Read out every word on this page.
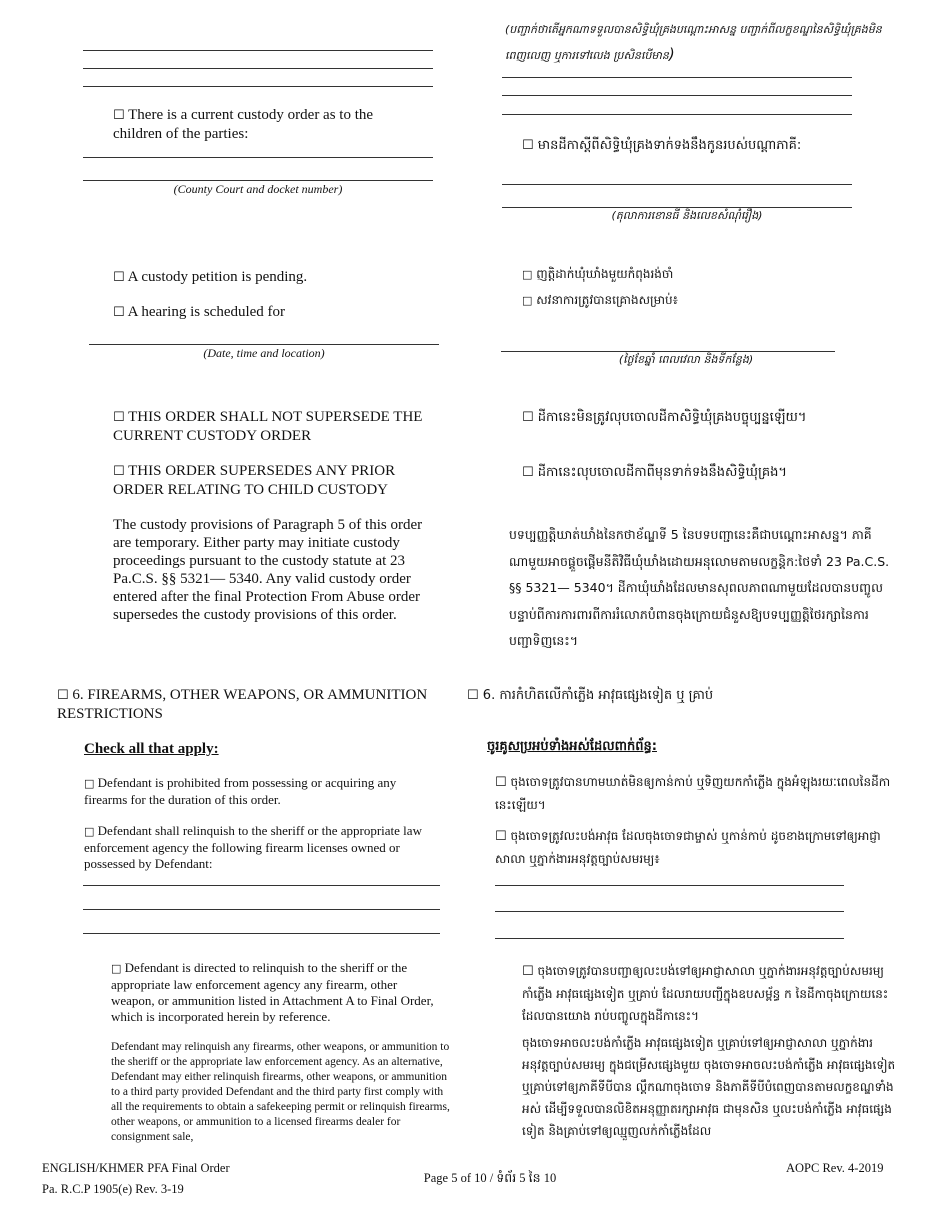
(បញ្ជាក់ថាតើអ្នកណាទទួលបានសិទ្ធិឃុំគ្រងបណ្ដោះអាសន្ន បញ្ជាក់ពីលក្ខខណ្ឌនៃសិទ្ធិឃុំគ្រងមិនពេញលេញ ឬការទៅលេង ប្រសិនបើមាន)
☐ There is a current custody order as to the children of the parties:
(County Court and docket number)
☐ មានដីកាស្ដីពីសិទ្ធិឃុំគ្រងទាក់ទងនឹងកូនរបស់បណ្ដាភាគី:
(តុលាការខោនធី និងលេខសំណុំរឿង)
☐ A custody petition is pending.
☐ A hearing is scheduled for
(Date, time and location)
□ ញត្តិដាក់ឃុំឃាំងមួយកំពុងរង់ចាំ
□ សវនាការត្រូវបានគ្រោងសម្រាប់៖
(ថ្ងៃខែឆ្នាំ ពេលវេលា និងទីកន្លែង)
☐ THIS ORDER SHALL NOT SUPERSEDE THE CURRENT CUSTODY ORDER
☐ THIS ORDER SUPERSEDES ANY PRIOR ORDER RELATING TO CHILD CUSTODY
☐ ដីកានេះមិនត្រូវលុបចោលដីកាសិទ្ធិឃុំគ្រងបច្ចុប្បន្នឡើយ។
☐ ដីកានេះលុបចោលដីកាពីមុនទាក់ទងនឹងសិទ្ធិឃុំគ្រង។
The custody provisions of Paragraph 5 of this order are temporary. Either party may initiate custody proceedings pursuant to the custody statute at 23 Pa.C.S. §§ 5321— 5340. Any valid custody order entered after the final Protection From Abuse order supersedes the custody provisions of this order.
បទប្បញ្ញត្តិឃាត់ឃាំងនៃកថាខ័ណ្ឌទី 5 នៃបទបញ្ជានេះគឺជាបណ្ដោះអាសន្ន។ ភាគីណាមួយអាចផ្ដួចផ្ដើមនីតិវិធីឃុំឃាំងដោយអនុលោមតាមលក្ខន្តិក:ថៃទាំ 23 Pa.C.S. §§ 5321— 5340។ ដីកាឃុំឃាំងដែលមានសុពលភាពណាមួយដែលបានបញ្ចូលបន្ទាប់ពីការការពារពីការរំលោភបំពានចុងក្រោយជំនួសឱ្យបទប្បញ្ញត្តិថៃរក្សានៃការបញ្ជាទិញនេះ។
☐ 6. FIREARMS, OTHER WEAPONS, OR AMMUNITION RESTRICTIONS
Check all that apply:
□ Defendant is prohibited from possessing or acquiring any firearms for the duration of this order.
□ Defendant shall relinquish to the sheriff or the appropriate law enforcement agency the following firearm licenses owned or possessed by Defendant:
□ Defendant is directed to relinquish to the sheriff or the appropriate law enforcement agency any firearm, other weapon, or ammunition listed in Attachment A to Final Order, which is incorporated herein by reference.
Defendant may relinquish any firearms, other weapons, or ammunition to the sheriff or the appropriate law enforcement agency. As an alternative, Defendant may either relinquish firearms, other weapons, or ammunition to a third party provided Defendant and the third party first comply with all the requirements to obtain a safekeeping permit or relinquish firearms, other weapons, or ammunition to a licensed firearms dealer for consignment sale,
☐ 6. ការកំហិតលើកាំភ្លើង អាវុធផ្សេងទៀត ឬ គ្រាប់
ចូរគូសប្រអប់ទាំងអស់ដែលពាក់ព័ន្ធ:
☐ ចុងចោទត្រូវបានហាមឃាត់មិនឲ្យកាន់កាប់ ឬទិញយកកាំភ្លើង ក្នុងអំឡុងរយៈពេលនៃដីកានេះឡើយ។
☐ ចុងចោទត្រូវលះបង់អាវុធ ដែលចុងចោទជាម្ចាស់ ឬកាន់កាប់ ដូចខាងក្រោមទៅឲ្យអាជ្ញាសាលា ឬភ្នាក់ងារអនុវត្តច្បាប់សមរម្យ៖
☐ ចុងចោទត្រូវបានបញ្ជាឲ្យលះបង់ទៅឲ្យអាជ្ញាសាលា ឬភ្នាក់ងារអនុវត្តច្បាប់សមរម្យ កាំភ្លើង អាវុធផ្សេងទៀត ឬគ្រាប់ ដែលរាយបញ្ជីក្នុងឧបសម្ព័ន្ធ ក នៃដីកាចុងក្រោយនេះ ដែលបានយោង រាប់បញ្ចូលក្នុងដីកានេះ។
ចុងចោទអាចលះបង់កាំភ្លើង អាវុធផ្សេងទៀត ឬគ្រាប់ទៅឲ្យអាជ្ញាសាលា ឬភ្នាក់ងារអនុវត្តច្បាប់សមរម្យ ក្នុងជម្រើសផ្សេងមួយ ចុងចោទអាចលះបង់កាំភ្លើង អាវុធផ្សេងទៀត ឬគ្រាប់ទៅឲ្យភាគីទីបីបាន ល្គឹកណាចុងចោទ និងភាគីទីបីបំពេញបានតាមលក្ខខណ្ឌទាំងអស់ ដើម្បីទទួលបានលិខិតអនុញ្ញាតរក្សាអាវុធ ជាមុនសិន ឬលះបង់កាំភ្លើង អាវុធផ្សេងទៀត និងគ្រាប់ទៅឲ្យឈ្មួញលក់កាំភ្លើងដែល
ENGLISH/KHMER PFA Final Order
Pa. R.C.P 1905(e) Rev. 3-19
Page 5 of 10 / ទំព័រ 5 នៃ 10
AOPC Rev. 4-2019
